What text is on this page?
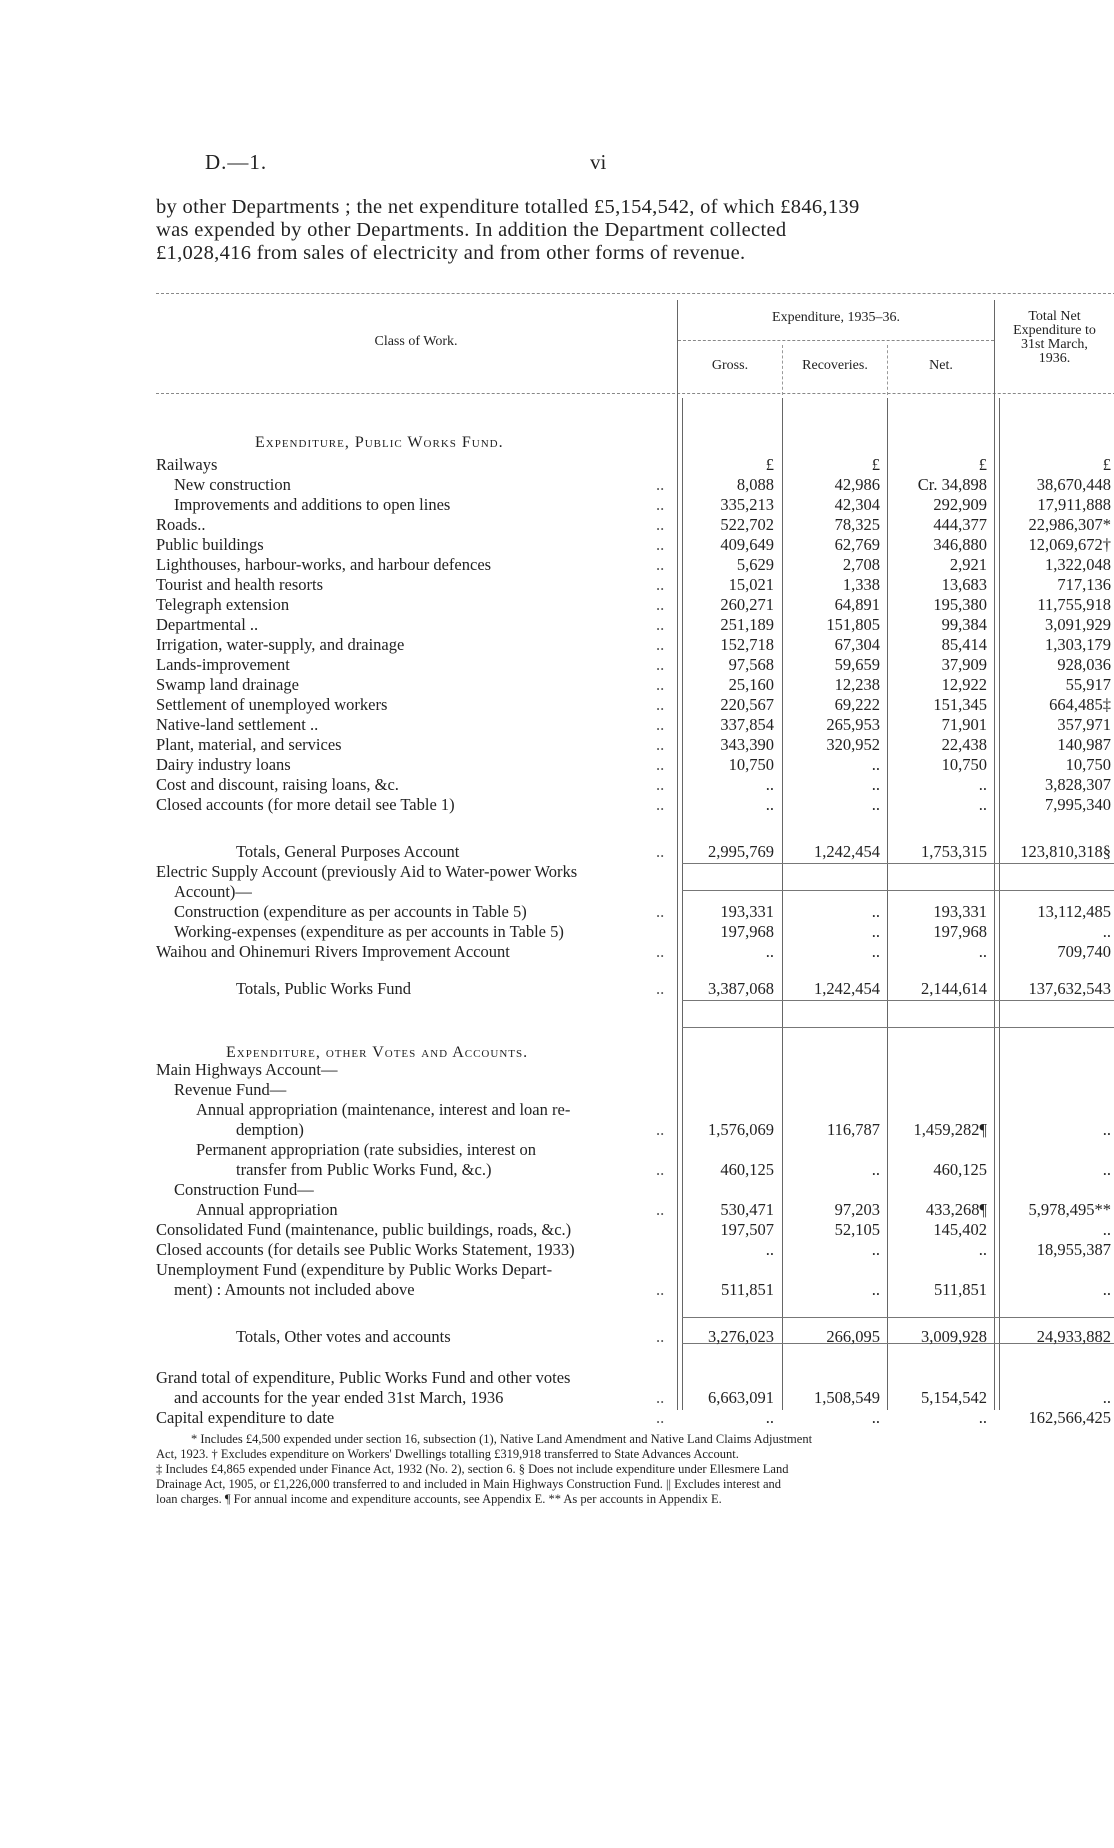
D.—1.	vi
by other Departments ; the net expenditure totalled £5,154,542, of which £846,139
was expended by other Departments. In addition the Department collected
£1,028,416 from sales of electricity and from other forms of revenue.
Class of Work.
Expenditure, 1935–36.
Gross.	Recoveries.	Net.
Total Net
Expenditure to
31st March,
1936.
Expenditure, Public Works Fund.
Expenditure, other Votes and Accounts.
Railways	£	£	£	£
New construction	..	8,088	42,986	Cr. 34,898	38,670,448
Improvements and additions to open lines	..	335,213	42,304	292,909	17,911,888
Roads..	..	522,702	78,325	444,377	22,986,307*
Public buildings	..	409,649	62,769	346,880	12,069,672†
Lighthouses, harbour-works, and harbour defences	..	5,629	2,708	2,921	1,322,048
Tourist and health resorts	..	15,021	1,338	13,683	717,136
Telegraph extension	..	260,271	64,891	195,380	11,755,918
Departmental ..	..	251,189	151,805	99,384	3,091,929
Irrigation, water-supply, and drainage	..	152,718	67,304	85,414	1,303,179
Lands-improvement	..	97,568	59,659	37,909	928,036
Swamp land drainage	..	25,160	12,238	12,922	55,917
Settlement of unemployed workers	..	220,567	69,222	151,345	664,485‡
Native-land settlement ..	..	337,854	265,953	71,901	357,971
Plant, material, and services	..	343,390	320,952	22,438	140,987
Dairy industry loans	..	10,750	..	10,750	10,750
Cost and discount, raising loans, &c.	..	..	..	..	3,828,307
Closed accounts (for more detail see Table 1)	..	..	..	..	7,995,340
Totals, General Purposes Account	..	2,995,769	1,242,454	1,753,315	123,810,318§
Electric Supply Account (previously Aid to Water-power Works
Account)—
Construction (expenditure as per accounts in Table 5)	..	193,331	..	193,331	13,112,485
Working-expenses (expenditure as per accounts in Table 5)	197,968	..	197,968	..
Waihou and Ohinemuri Rivers Improvement Account	..	..	..	..	709,740
Totals, Public Works Fund	..	3,387,068	1,242,454	2,144,614	137,632,543
Main Highways Account—
Revenue Fund—
Annual appropriation (maintenance, interest and loan re-
demption)	..	1,576,069	116,787	1,459,282¶	..
Permanent appropriation (rate subsidies, interest on
transfer from Public Works Fund, &c.)	..	460,125	..	460,125	..
Construction Fund—
Annual appropriation	..	530,471	97,203	433,268¶	5,978,495**
Consolidated Fund (maintenance, public buildings, roads, &c.)	197,507	52,105	145,402	..
Closed accounts (for details see Public Works Statement, 1933)	..	..	..	18,955,387
Unemployment Fund (expenditure by Public Works Depart-
ment) : Amounts not included above	..	511,851	..	511,851	..
Totals, Other votes and accounts	..	3,276,023	266,095	3,009,928	24,933,882
Grand total of expenditure, Public Works Fund and other votes
and accounts for the year ended 31st March, 1936	..	6,663,091	1,508,549	5,154,542	..
Capital expenditure to date	..	..	..	..	162,566,425
* Includes £4,500 expended under section 16, subsection (1), Native Land Amendment and Native Land Claims Adjustment
Act, 1923. † Excludes expenditure on Workers' Dwellings totalling £319,918 transferred to State Advances Account.
‡ Includes £4,865 expended under Finance Act, 1932 (No. 2), section 6. § Does not include expenditure under Ellesmere Land
Drainage Act, 1905, or £1,226,000 transferred to and included in Main Highways Construction Fund. || Excludes interest and
loan charges. ¶ For annual income and expenditure accounts, see Appendix E. ** As per accounts in Appendix E.
